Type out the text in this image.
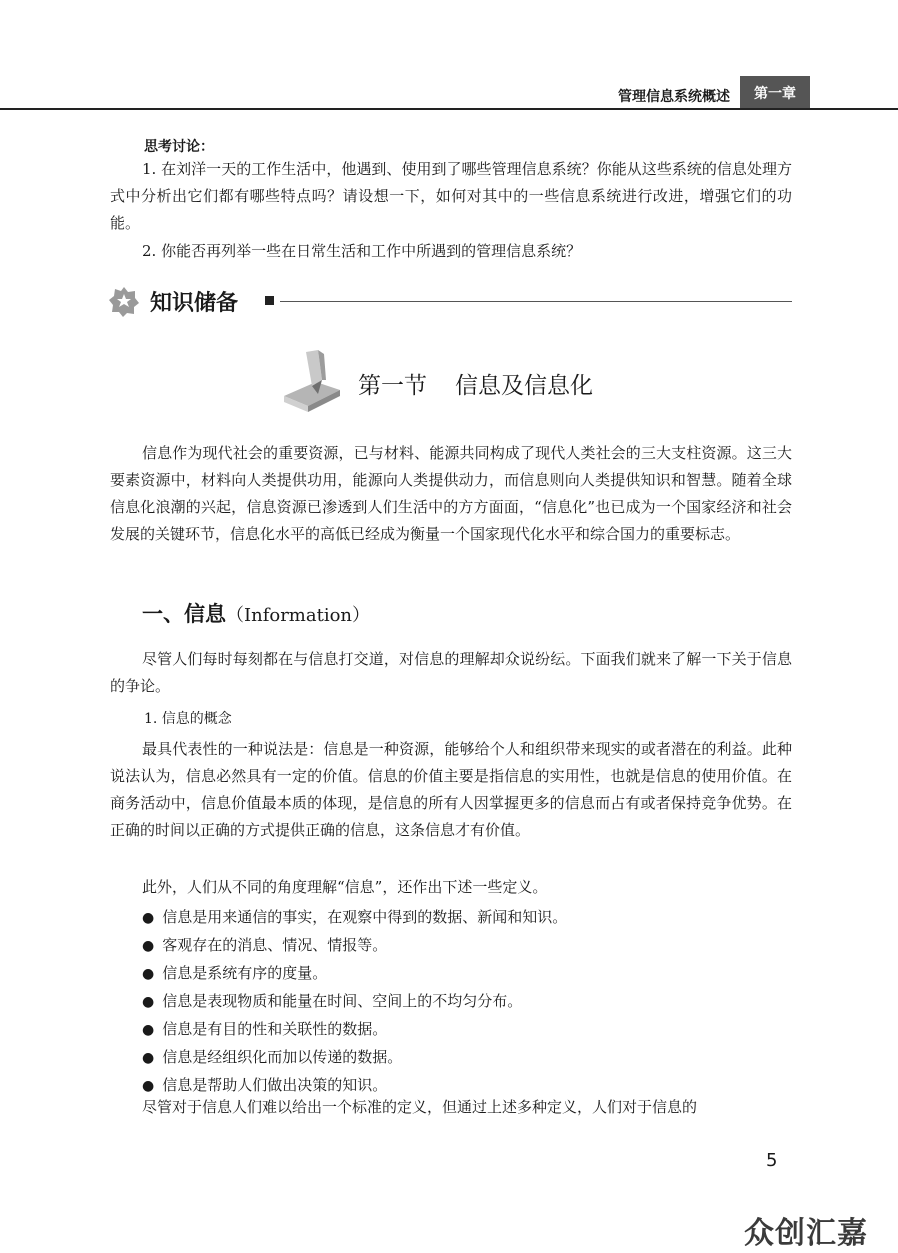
管理信息系统概述	第一章
思考讨论：

1. 在刘洋一天的工作生活中，他遇到、使用到了哪些管理信息系统？你能从这些系统的信息处理方式中分析出它们都有哪些特点吗？请设想一下，如何对其中的一些信息系统进行改进，增强它们的功能。

2. 你能否再列举一些在日常生活和工作中所遇到的管理信息系统？

知识储备
第一节 信息及信息化

信息作为现代社会的重要资源，已与材料、能源共同构成了现代人类社会的三大支柱资源。这三大要素资源中，材料向人类提供功用，能源向人类提供动力，而信息则向人类提供知识和智慧。随着全球信息化浪潮的兴起，信息资源已渗透到人们生活中的方方面面，“信息化”也已成为一个国家经济和社会发展的关键环节，信息化水平的高低已经成为衡量一个国家现代化水平和综合国力的重要标志。

一、信息（Information）

尽管人们每时每刻都在与信息打交道，对信息的理解却众说纷纭。下面我们就来了解一下关于信息的争论。

1. 信息的概念

最具代表性的一种说法是：信息是一种资源，能够给个人和组织带来现实的或者潜在的利益。此种说法认为，信息必然具有一定的价值。信息的价值主要是指信息的实用性，也就是信息的使用价值。在商务活动中，信息价值最本质的体现，是信息的所有人因掌握更多的信息而占有或者保持竞争优势。在正确的时间以正确的方式提供正确的信息，这条信息才有价值。

此外，人们从不同的角度理解“信息”，还作出下述一些定义。

● 信息是用来通信的事实，在观察中得到的数据、新闻和知识。
● 客观存在的消息、情况、情报等。
● 信息是系统有序的度量。
● 信息是表现物质和能量在时间、空间上的不均匀分布。
● 信息是有目的性和关联性的数据。
● 信息是经组织化而加以传递的数据。
● 信息是帮助人们做出决策的知识。

尽管对于信息人们难以给出一个标准的定义，但通过上述多种定义，人们对于信息的

5
众创汇嘉
